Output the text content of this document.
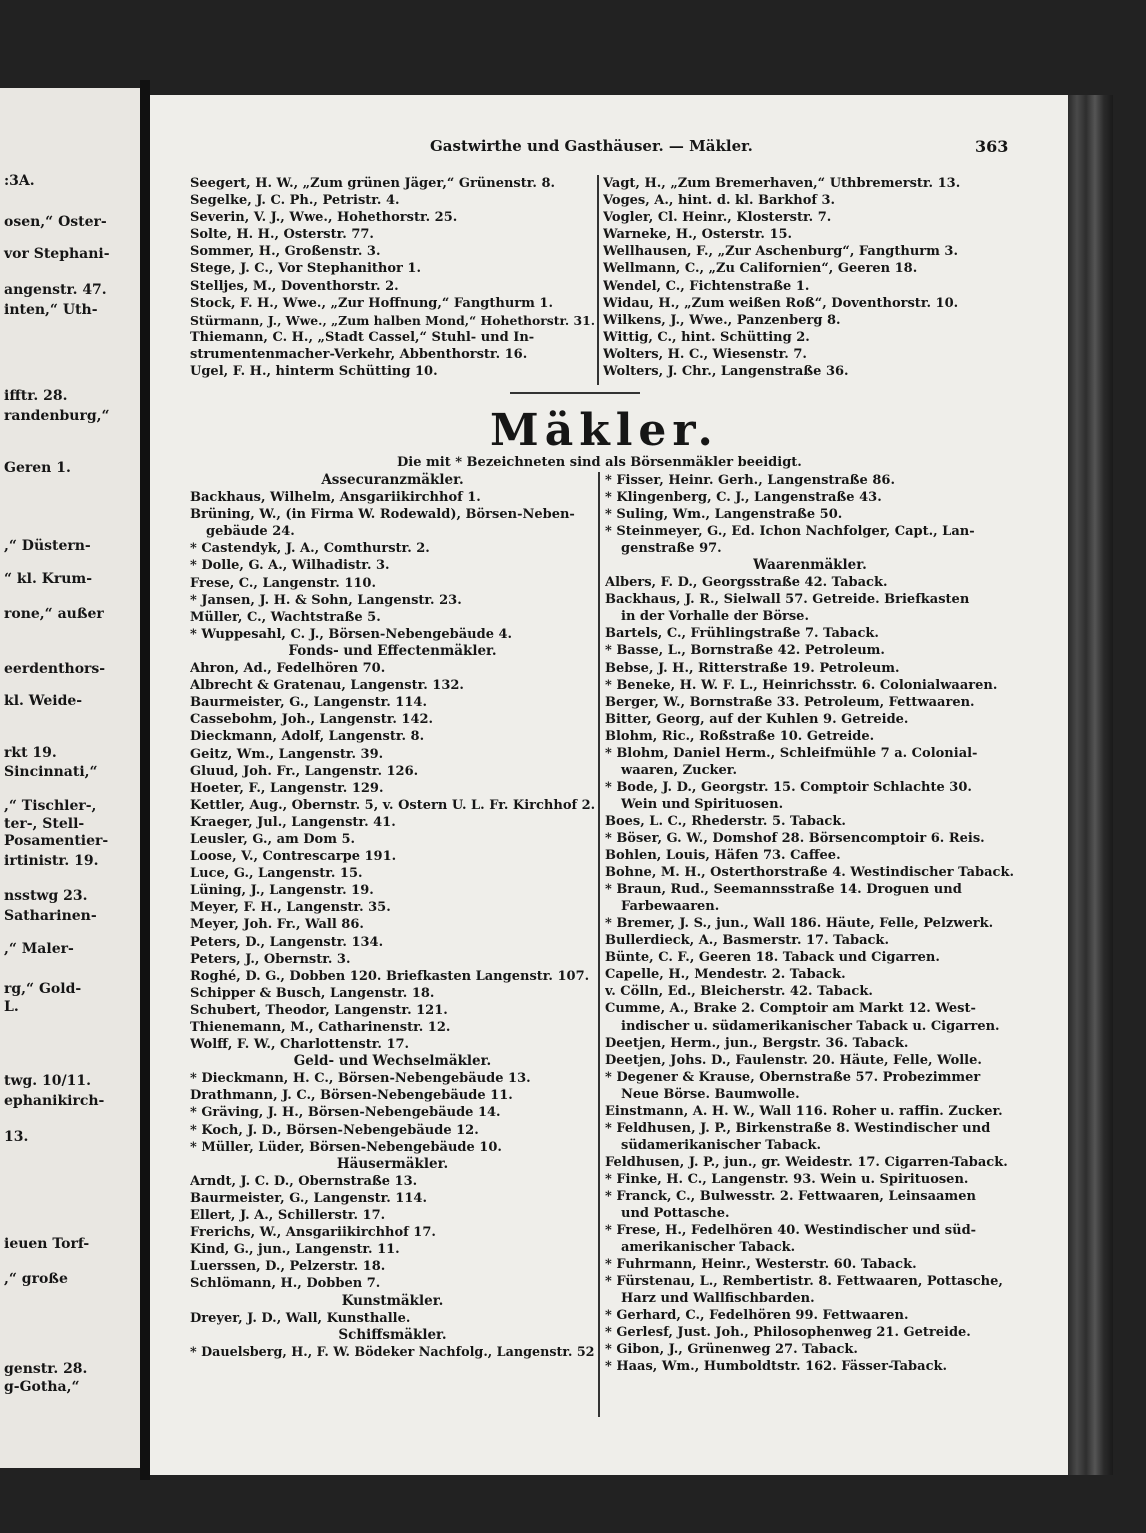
:3A.
osen,“ Oster-
vor Stephani-
angenstr. 47.
inten,“ Uth-
ifftr. 28.
randenburg,“
Geren 1.
,“ Düstern-
“ kl. Krum-
rone,“ außer
eerdenthors-
kl. Weide-
rkt 19.
Sincinnati,“
,“ Tischler-,
ter-, Stell-
Posamentier-
irtinistr. 19.
nsstwg 23.
Satharinen-
,“ Maler-
rg,“ Gold-
L.
twg. 10/11.
ephanikirch-
13.
ieuen Torf-
,“ große
genstr. 28.
g-Gotha,“
Gastwirthe und Gasthäuser. — Mäkler.	363
Seegert, H. W., „Zum grünen Jäger,“ Grünenstr. 8.
Segelke, J. C. Ph., Petristr. 4.
Severin, V. J., Wwe., Hohethorstr. 25.
Solte, H. H., Osterstr. 77.
Sommer, H., Großenstr. 3.
Stege, J. C., Vor Stephanithor 1.
Stelljes, M., Doventhorstr. 2.
Stock, F. H., Wwe., „Zur Hoffnung,“ Fangthurm 1.
Stürmann, J., Wwe., „Zum halben Mond,“ Hohethorstr. 31.
Thiemann, C. H., „Stadt Cassel,“ Stuhl- und In-
strumentenmacher-Verkehr, Abbenthorstr. 16.
Ugel, F. H., hinterm Schütting 10.
Vagt, H., „Zum Bremerhaven,“ Uthbremerstr. 13.
Voges, A., hint. d. kl. Barkhof 3.
Vogler, Cl. Heinr., Klosterstr. 7.
Warneke, H., Osterstr. 15.
Wellhausen, F., „Zur Aschenburg“, Fangthurm 3.
Wellmann, C., „Zu Californien“, Geeren 18.
Wendel, C., Fichtenstraße 1.
Widau, H., „Zum weißen Roß“, Doventhorstr. 10.
Wilkens, J., Wwe., Panzenberg 8.
Wittig, C., hint. Schütting 2.
Wolters, H. C., Wiesenstr. 7.
Wolters, J. Chr., Langenstraße 36.
Mäkler.
Die mit * Bezeichneten sind als Börsenmäkler beeidigt.
Assecuranzmäkler.
Backhaus, Wilhelm, Ansgariikirchhof 1.
Brüning, W., (in Firma W. Rodewald), Börsen-Neben-
gebäude 24.
* Castendyk, J. A., Comthurstr. 2.
* Dolle, G. A., Wilhadistr. 3.
Frese, C., Langenstr. 110.
* Jansen, J. H. & Sohn, Langenstr. 23.
Müller, C., Wachtstraße 5.
* Wuppesahl, C. J., Börsen-Nebengebäude 4.
Fonds- und Effectenmäkler.
Ahron, Ad., Fedelhören 70.
Albrecht & Gratenau, Langenstr. 132.
Baurmeister, G., Langenstr. 114.
Cassebohm, Joh., Langenstr. 142.
Dieckmann, Adolf, Langenstr. 8.
Geitz, Wm., Langenstr. 39.
Gluud, Joh. Fr., Langenstr. 126.
Hoeter, F., Langenstr. 129.
Kettler, Aug., Obernstr. 5, v. Ostern U. L. Fr. Kirchhof 2.
Kraeger, Jul., Langenstr. 41.
Leusler, G., am Dom 5.
Loose, V., Contrescarpe 191.
Luce, G., Langenstr. 15.
Lüning, J., Langenstr. 19.
Meyer, F. H., Langenstr. 35.
Meyer, Joh. Fr., Wall 86.
Peters, D., Langenstr. 134.
Peters, J., Obernstr. 3.
Roghé, D. G., Dobben 120. Briefkasten Langenstr. 107.
Schipper & Busch, Langenstr. 18.
Schubert, Theodor, Langenstr. 121.
Thienemann, M., Catharinenstr. 12.
Wolff, F. W., Charlottenstr. 17.
Geld- und Wechselmäkler.
* Dieckmann, H. C., Börsen-Nebengebäude 13.
Drathmann, J. C., Börsen-Nebengebäude 11.
* Gräving, J. H., Börsen-Nebengebäude 14.
* Koch, J. D., Börsen-Nebengebäude 12.
* Müller, Lüder, Börsen-Nebengebäude 10.
Häusermäkler.
Arndt, J. C. D., Obernstraße 13.
Baurmeister, G., Langenstr. 114.
Ellert, J. A., Schillerstr. 17.
Frerichs, W., Ansgariikirchhof 17.
Kind, G., jun., Langenstr. 11.
Luerssen, D., Pelzerstr. 18.
Schlömann, H., Dobben 7.
Kunstmäkler.
Dreyer, J. D., Wall, Kunsthalle.
Schiffsmäkler.
* Dauelsberg, H., F. W. Bödeker Nachfolg., Langenstr. 52
* Fisser, Heinr. Gerh., Langenstraße 86.
* Klingenberg, C. J., Langenstraße 43.
* Suling, Wm., Langenstraße 50.
* Steinmeyer, G., Ed. Ichon Nachfolger, Capt., Lan-
genstraße 97.
Waarenmäkler.
Albers, F. D., Georgsstraße 42. Taback.
Backhaus, J. R., Sielwall 57. Getreide. Briefkasten
in der Vorhalle der Börse.
Bartels, C., Frühlingstraße 7. Taback.
* Basse, L., Bornstraße 42. Petroleum.
Bebse, J. H., Ritterstraße 19. Petroleum.
* Beneke, H. W. F. L., Heinrichsstr. 6. Colonialwaaren.
Berger, W., Bornstraße 33. Petroleum, Fettwaaren.
Bitter, Georg, auf der Kuhlen 9. Getreide.
Blohm, Ric., Roßstraße 10. Getreide.
* Blohm, Daniel Herm., Schleifmühle 7 a. Colonial-
waaren, Zucker.
* Bode, J. D., Georgstr. 15. Comptoir Schlachte 30.
Wein und Spirituosen.
Boes, L. C., Rhederstr. 5. Taback.
* Böser, G. W., Domshof 28. Börsencomptoir 6. Reis.
Bohlen, Louis, Häfen 73. Caffee.
Bohne, M. H., Osterthorstraße 4. Westindischer Taback.
* Braun, Rud., Seemannsstraße 14. Droguen und
Farbewaaren.
* Bremer, J. S., jun., Wall 186. Häute, Felle, Pelzwerk.
Bullerdieck, A., Basmerstr. 17. Taback.
Bünte, C. F., Geeren 18. Taback und Cigarren.
Capelle, H., Mendestr. 2. Taback.
v. Cölln, Ed., Bleicherstr. 42. Taback.
Cumme, A., Brake 2. Comptoir am Markt 12. West-
indischer u. südamerikanischer Taback u. Cigarren.
Deetjen, Herm., jun., Bergstr. 36. Taback.
Deetjen, Johs. D., Faulenstr. 20. Häute, Felle, Wolle.
* Degener & Krause, Obernstraße 57. Probezimmer
Neue Börse. Baumwolle.
Einstmann, A. H. W., Wall 116. Roher u. raffin. Zucker.
* Feldhusen, J. P., Birkenstraße 8. Westindischer und
südamerikanischer Taback.
Feldhusen, J. P., jun., gr. Weidestr. 17. Cigarren-Taback.
* Finke, H. C., Langenstr. 93. Wein u. Spirituosen.
* Franck, C., Bulwesstr. 2. Fettwaaren, Leinsaamen
und Pottasche.
* Frese, H., Fedelhören 40. Westindischer und süd-
amerikanischer Taback.
* Fuhrmann, Heinr., Westerstr. 60. Taback.
* Fürstenau, L., Rembertistr. 8. Fettwaaren, Pottasche,
Harz und Wallfischbarden.
* Gerhard, C., Fedelhören 99. Fettwaaren.
* Gerlesf, Just. Joh., Philosophenweg 21. Getreide.
* Gibon, J., Grünenweg 27. Taback.
* Haas, Wm., Humboldtstr. 162. Fässer-Taback.
